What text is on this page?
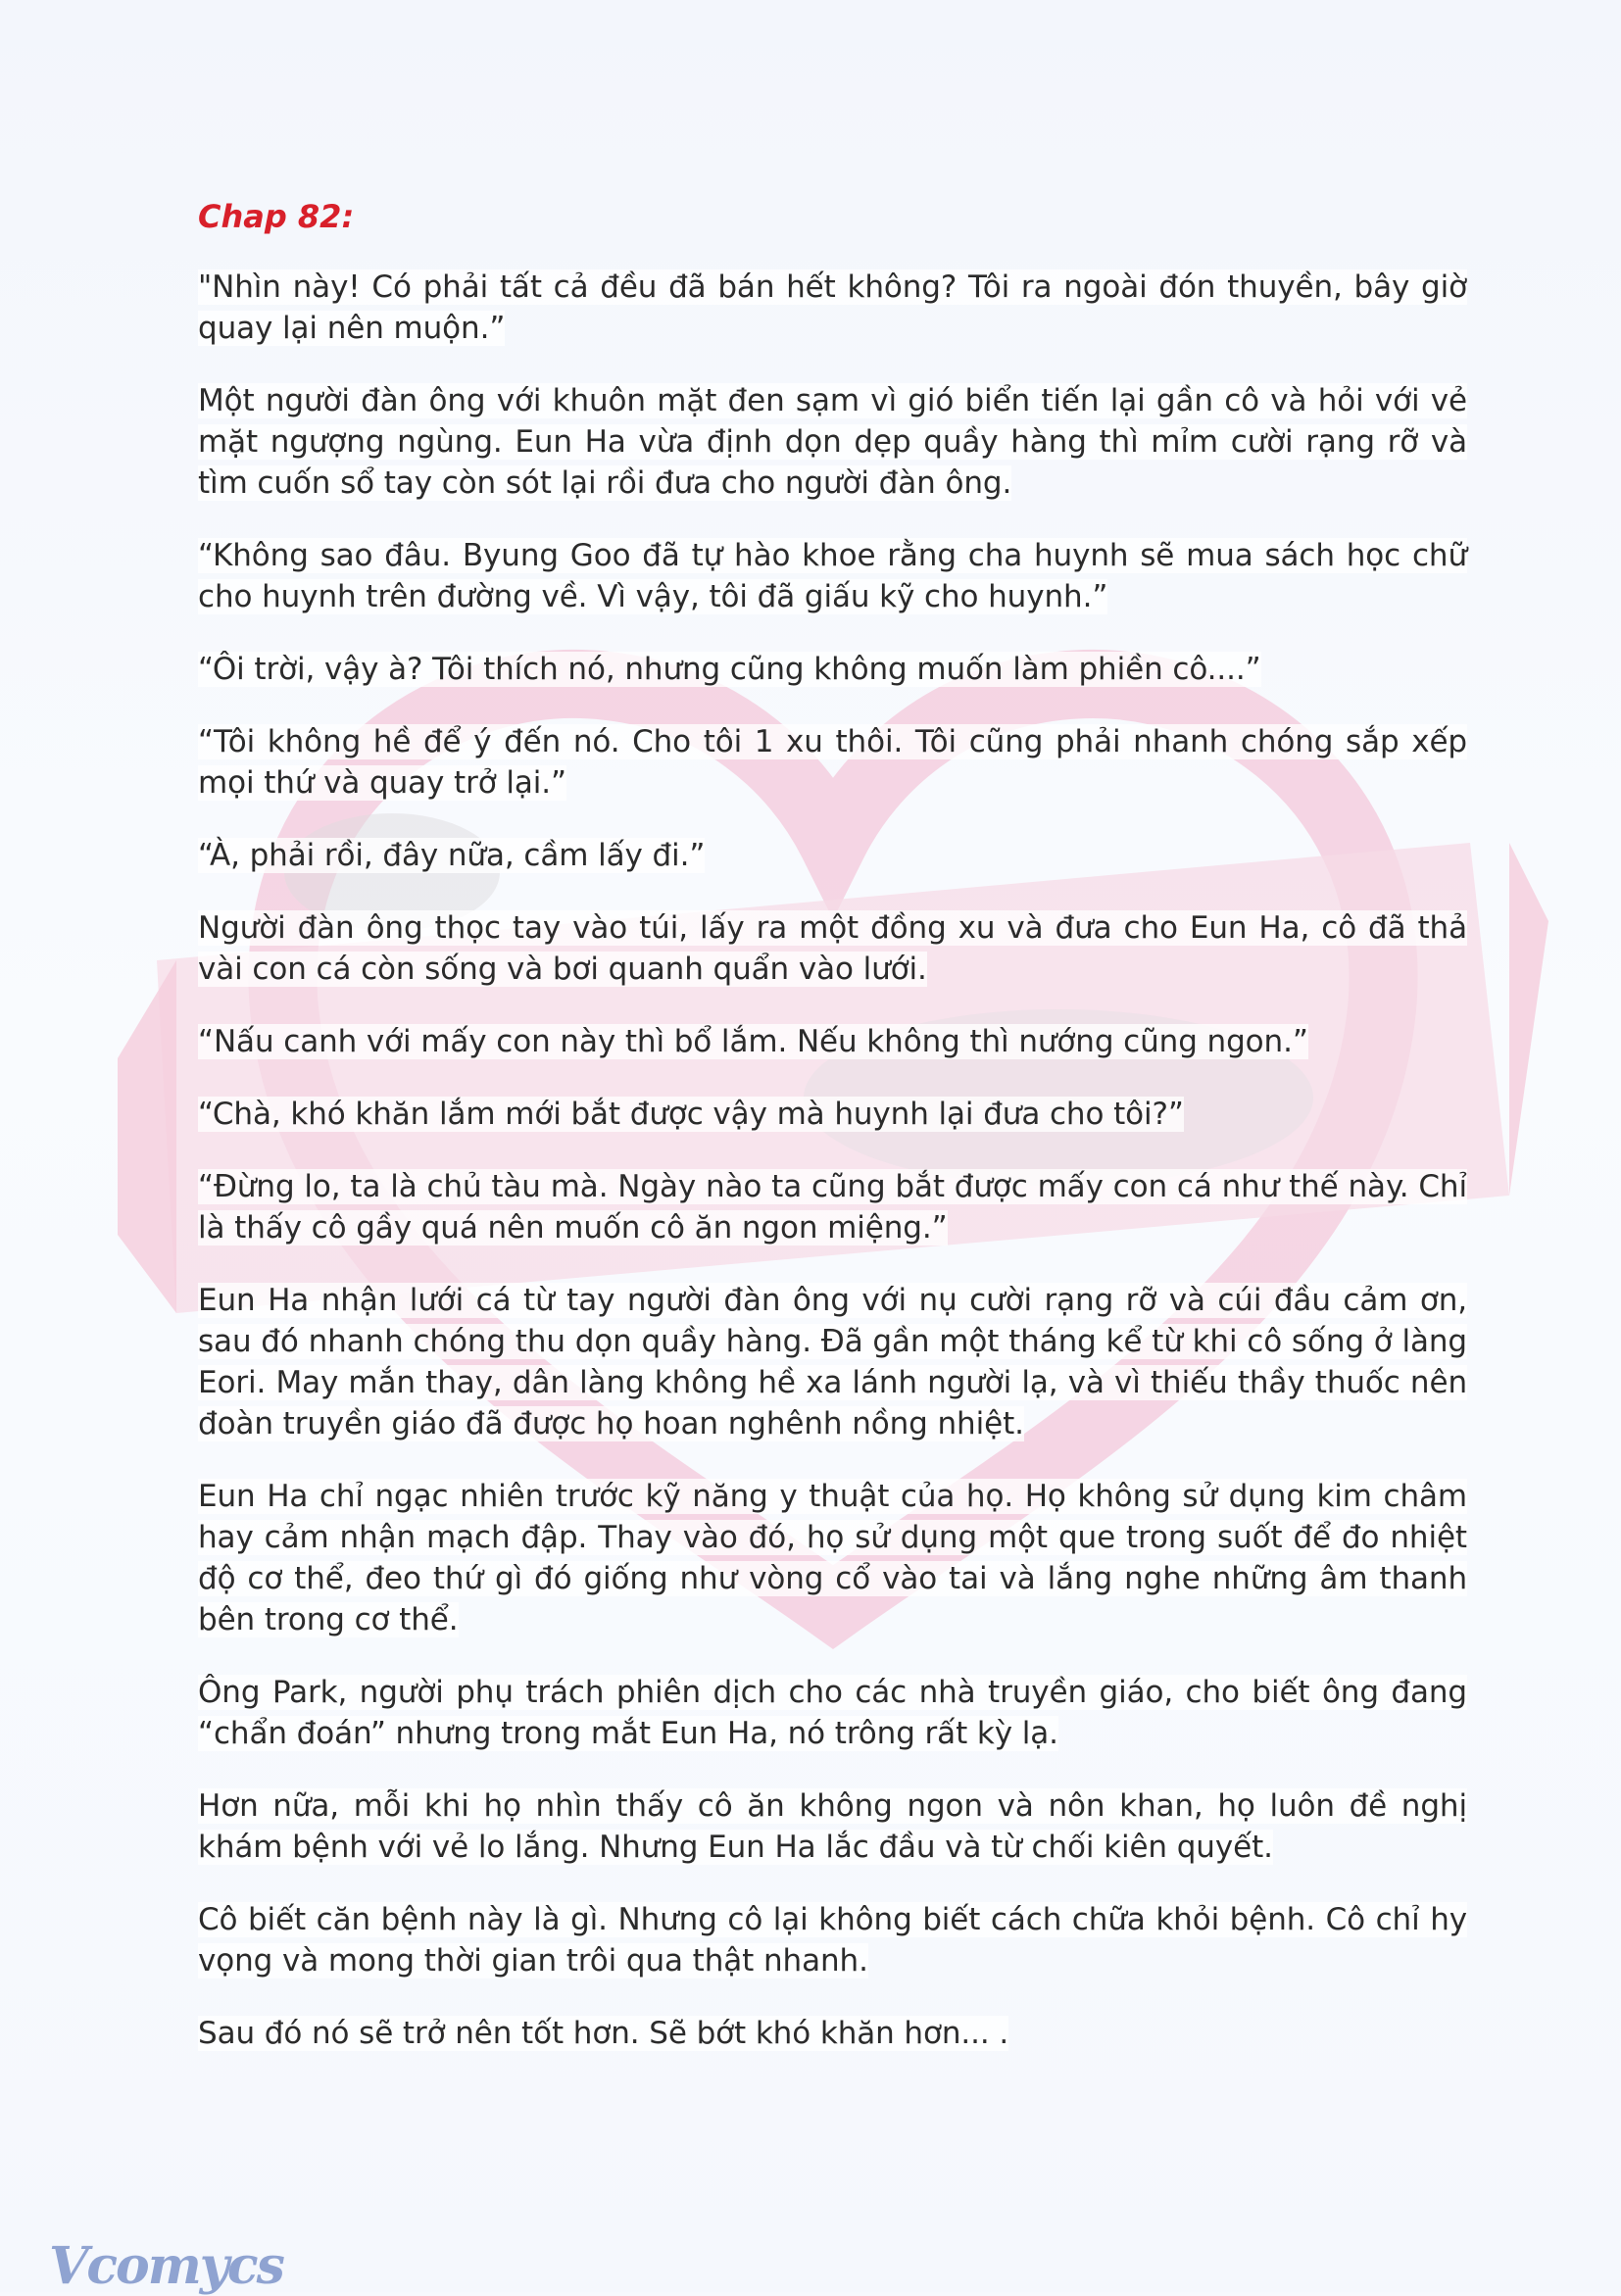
Chap 82:

"Nhìn này! Có phải tất cả đều đã bán hết không? Tôi ra ngoài đón thuyền, bây giờ quay lại nên muộn.”

Một người đàn ông với khuôn mặt đen sạm vì gió biển tiến lại gần cô và hỏi với vẻ mặt ngượng ngùng. Eun Ha vừa định dọn dẹp quầy hàng thì mỉm cười rạng rỡ và tìm cuốn sổ tay còn sót lại rồi đưa cho người đàn ông.

“Không sao đâu. Byung Goo đã tự hào khoe rằng cha huynh sẽ mua sách học chữ cho huynh trên đường về. Vì vậy, tôi đã giấu kỹ cho huynh.”

“Ôi trời, vậy à? Tôi thích nó, nhưng cũng không muốn làm phiền cô....”

“Tôi không hề để ý đến nó. Cho tôi 1 xu thôi. Tôi cũng phải nhanh chóng sắp xếp mọi thứ và quay trở lại.”

“À, phải rồi, đây nữa, cầm lấy đi.”

Người đàn ông thọc tay vào túi, lấy ra một đồng xu và đưa cho Eun Ha, cô đã thả vài con cá còn sống và bơi quanh quẩn vào lưới.

“Nấu canh với mấy con này thì bổ lắm. Nếu không thì nướng cũng ngon.”

“Chà, khó khăn lắm mới bắt được vậy mà huynh lại đưa cho tôi?”

“Đừng lo, ta là chủ tàu mà. Ngày nào ta cũng bắt được mấy con cá như thế này. Chỉ là thấy cô gầy quá nên muốn cô ăn ngon miệng.”

Eun Ha nhận lưới cá từ tay người đàn ông với nụ cười rạng rỡ và cúi đầu cảm ơn, sau đó nhanh chóng thu dọn quầy hàng. Đã gần một tháng kể từ khi cô sống ở làng Eori. May mắn thay, dân làng không hề xa lánh người lạ, và vì thiếu thầy thuốc nên đoàn truyền giáo đã được họ hoan nghênh nồng nhiệt.

Eun Ha chỉ ngạc nhiên trước kỹ năng y thuật của họ. Họ không sử dụng kim châm hay cảm nhận mạch đập. Thay vào đó, họ sử dụng một que trong suốt để đo nhiệt độ cơ thể, đeo thứ gì đó giống như vòng cổ vào tai và lắng nghe những âm thanh bên trong cơ thể.

Ông Park, người phụ trách phiên dịch cho các nhà truyền giáo, cho biết ông đang “chẩn đoán” nhưng trong mắt Eun Ha, nó trông rất kỳ lạ.

Hơn nữa, mỗi khi họ nhìn thấy cô ăn không ngon và nôn khan, họ luôn đề nghị khám bệnh với vẻ lo lắng. Nhưng Eun Ha lắc đầu và từ chối kiên quyết.

Cô biết căn bệnh này là gì. Nhưng cô lại không biết cách chữa khỏi bệnh. Cô chỉ hy vọng và mong thời gian trôi qua thật nhanh.

Sau đó nó sẽ trở nên tốt hơn. Sẽ bớt khó khăn hơn... .

Vcomycs
